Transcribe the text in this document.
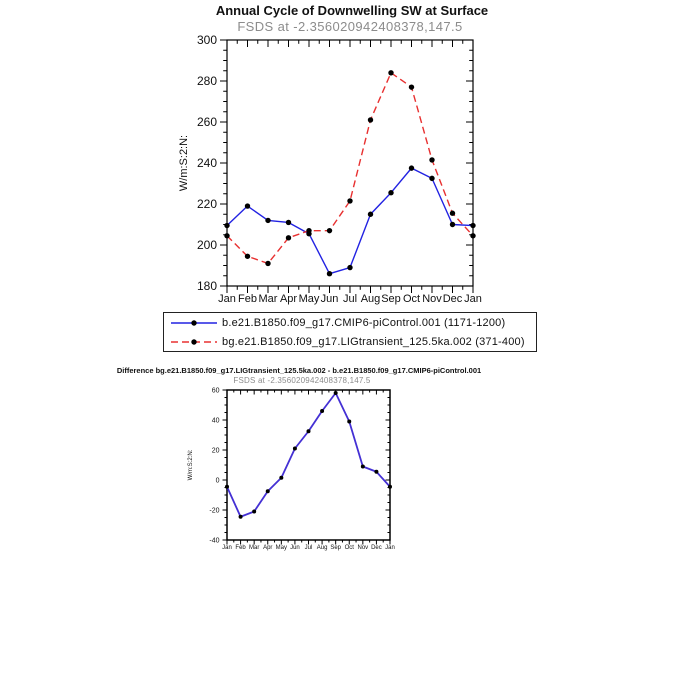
Annual Cycle of Downwelling SW at Surface
FSDS at -2.356020942408378,147.5
180
200
220
240
260
280
300
Jan Feb Mar Apr May Jun Jul Aug Sep Oct Nov Dec Jan
W/m:S:2:N:
b.e21.B1850.f09_g17.CMIP6-piControl.001 (1171-1200)
bg.e21.B1850.f09_g17.LIGtransient_125.5ka.002 (371-400)
Difference bg.e21.B1850.f09_g17.LIGtransient_125.5ka.002 - b.e21.B1850.f09_g17.CMIP6-piControl.001
FSDS at -2.356020942408378,147.5
-40
-20
0
20
40
60
Jan Feb Mar Apr May Jun Jul Aug Sep Oct Nov Dec Jan
W/m:S:2:N:
